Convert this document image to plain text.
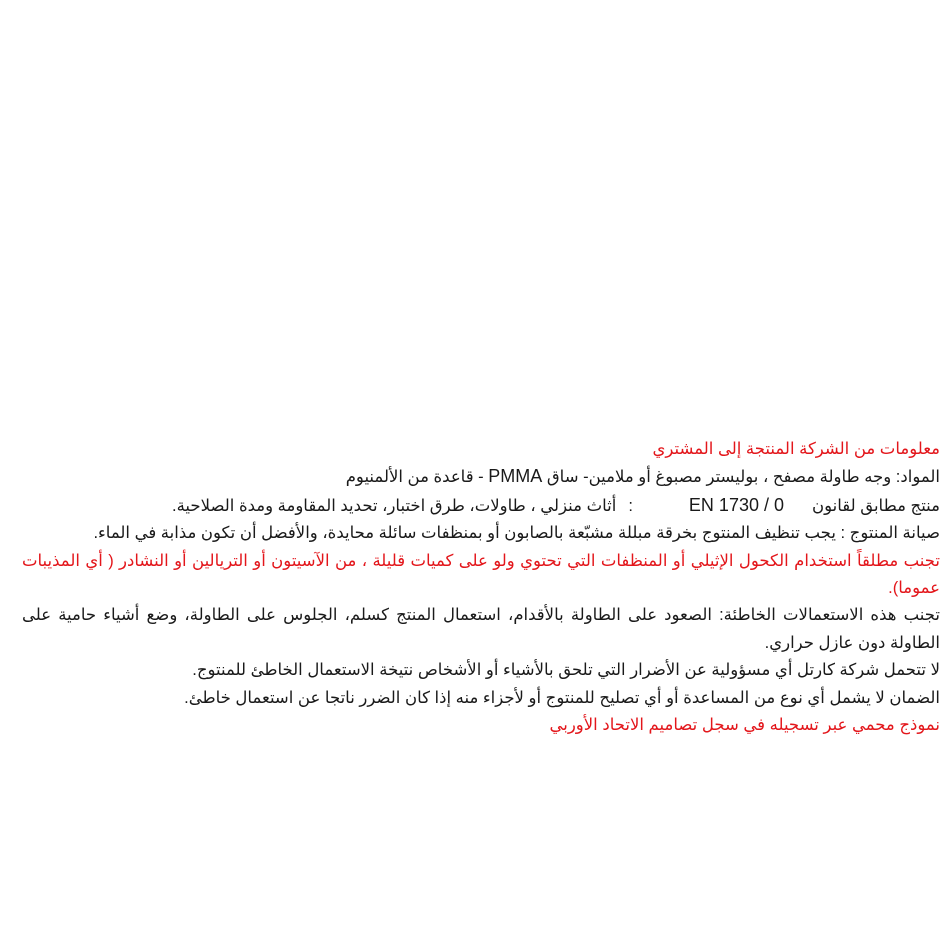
معلومات من الشركة المنتجة إلى المشتري
المواد: وجه طاولة مصفح ، بوليستر مصبوغ أو ملامين- ساق PMMA - قاعدة من الألمنيوم
منتج مطابق لقانونEN 1730 / 0:أثاث منزلي ، طاولات، طرق اختبار، تحديد المقاومة ومدة الصلاحية.
صيانة المنتوج : يجب تنظيف المنتوج بخرقة مبللة مشبّعة بالصابون أو بمنظفات سائلة محايدة، والأفضل أن تكون مذابة في الماء.
تجنب مطلقاً استخدام الكحول الإثيلي أو المنظفات التي تحتوي ولو على كميات قليلة ، من الآسيتون أو التريالين أو النشادر ( أي المذيبات عموما).
تجنب هذه الاستعمالات الخاطئة: الصعود على الطاولة بالأقدام، استعمال المنتج كسلم، الجلوس على الطاولة، وضع أشياء حامية على الطاولة دون عازل حراري.
لا تتحمل شركة كارتل أي مسؤولية عن الأضرار التي تلحق بالأشياء أو الأشخاص نتيخة الاستعمال الخاطئ للمنتوج.
الضمان لا يشمل أي نوع من المساعدة أو أي تصليح للمنتوج أو لأجزاء منه إذا كان الضرر ناتجا عن استعمال خاطئ.
نموذج محمي عبر تسجيله في سجل تصاميم الاتحاد الأوربي
